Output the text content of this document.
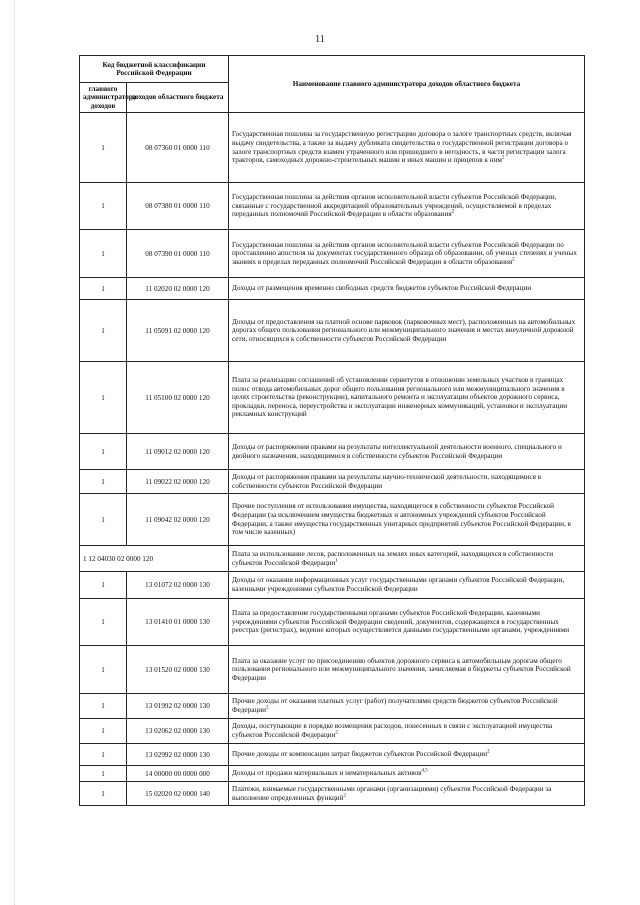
11
Код бюджетной классификации Российской Федерации		Наименование главного администратора доходов областного бюджета
главного администратора доходов	доходов областного бюджета	
1	08 07360 01 0000 110	Государственная пошлина за государственную регистрацию договора о залоге транспортных средств, включая выдачу свидетельства, а также за выдачу дубликата свидетельства о государственной регистрации договора о залоге транспортных средств взамен утраченного или пришедшего в негодность, в части регистрации залога тракторов, самоходных дорожно-строительных машин и иных машин и прицепов к ним$^2$
1	08 07380 01 0000 110	Государственная пошлина за действия органов исполнительной власти субъектов Российской Федерации, связанные с государственной аккредитацией образовательных учреждений, осуществляемой в пределах переданных полномочий Российской Федерации в области образования$^2$
1	08 07390 01 0000 110	Государственная пошлина за действия органов исполнительной власти субъектов Российской Федерации по проставлению апостиля на документах государственного образца об образовании, об ученых степенях и ученых званиях в пределах переданных полномочий Российской Федерации в области образования$^2$
1	11 02020 02 0000 120	Доходы от размещения временно свободных средств бюджетов субъектов Российской Федерации
1	11 05091 02 0000 120	Доходы от предоставления на платной основе парковок (парковочных мест), расположенных на автомобильных дорогах общего пользования регионального или межмуниципального значения и местах внеуличной дорожной сети, относящихся к собственности субъектов Российской Федерации
1	11 05100 02 0000 120	Плата за реализацию соглашений об установлении сервитутов в отношении земельных участков в границах полос отвода автомобильных дорог общего пользования регионального или межмуниципального значения в целях строительства (реконструкции), капитального ремонта и эксплуатации объектов дорожного сервиса, прокладки, переноса, переустройства и эксплуатации инженерных коммуникаций, установки и эксплуатации рекламных конструкций
1	11 09012 02 0000 120	Доходы от распоряжения правами на результаты интеллектуальной деятельности военного, специального и двойного назначения, находящимися в собственности субъектов Российской Федерации
1	11 09022 02 0000 120	Доходы от распоряжения правами на результаты научно-технической деятельности, находящимися в собственности субъектов Российской Федерации
1	11 09042 02 0000 120	Прочие поступления от использования имущества, находящегося в собственности субъектов Российской Федерации (за исключением имущества бюджетных и автономных учреждений субъектов Российской Федерации, а также имущества государственных унитарных предприятий субъектов Российской Федерации, в том числе казенных)
1 12 04030 02 0000 120		Плата за использование лесов, расположенных на землях иных категорий, находящихся в собственности субъектов Российской Федерации$^1$
1	13 01072 02 0000 130	Доходы от оказания информационных услуг государственными органами субъектов Российской Федерации, казенными учреждениями субъектов Российской Федерации
1	13 01410 01 0000 130	Плата за предоставление государственными органами субъектов Российской Федерации, казенными учреждениями субъектов Российской Федерации сведений, документов, содержащихся в государственных реестрах (регистрах), ведение которых осуществляется данными государственными органами, учреждениями
1	13 01520 02 0000 130	Плата за оказание услуг по присоединению объектов дорожного сервиса к автомобильным дорогам общего пользования регионального или межмуниципального значения, зачисляемая в бюджеты субъектов Российской Федерации
1	13 01992 02 0000 130	Прочие доходы от оказания платных услуг (работ) получателями средств бюджетов субъектов Российской Федерации$^2$
1	13 02062 02 0000 130	Доходы, поступающие в порядке возмещения расходов, понесенных в связи с эксплуатацией имущества субъектов Российской Федерации$^2$
1	13 02992 02 0000 130	Прочие доходы от компенсации затрат бюджетов субъектов Российской Федерации$^2$
1	14 00000 00 0000 000	Доходы от продажи материальных и нематериальных активов$^{4,5}$
1	15 02020 02 0000 140	Платежи, взимаемые государственными органами (организациями) субъектов Российской Федерации за выполнение определенных функций$^2$
